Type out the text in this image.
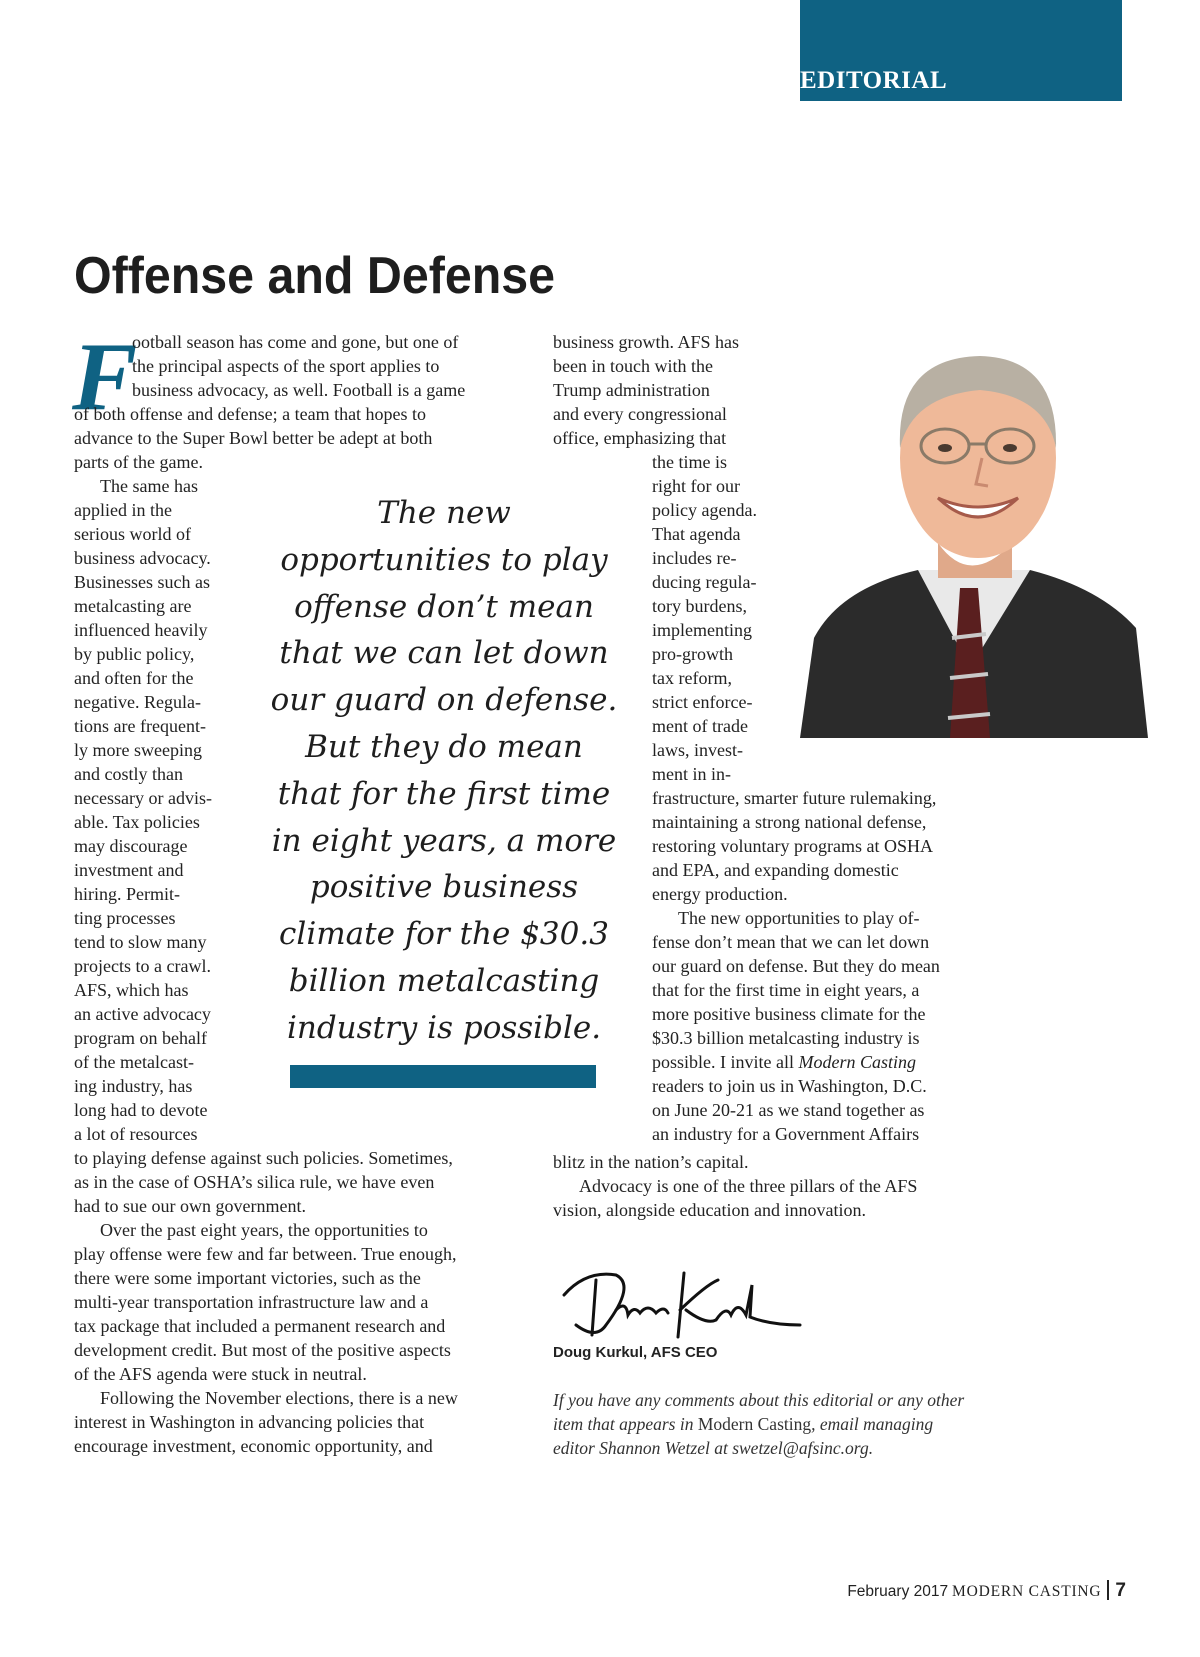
EDITORIAL
Offense and Defense
F
ootball season has come and gone, but one of
the principal aspects of the sport applies to
business advocacy, as well. Football is a game
of both offense and defense; a team that hopes to
advance to the Super Bowl better be adept at both
parts of the game.
The same has
applied in the
serious world of
business advocacy.
Businesses such as
metalcasting are
influenced heavily
by public policy,
and often for the
negative. Regula-
tions are frequent-
ly more sweeping
and costly than
necessary or advis-
able. Tax policies
may discourage
investment and
hiring. Permit-
ting processes
tend to slow many
projects to a crawl.
AFS, which has
an active advocacy
program on behalf
of the metalcast-
ing industry, has
long had to devote
a lot of resources
to playing defense against such policies. Sometimes,
as in the case of OSHA’s silica rule, we have even
had to sue our own government.
Over the past eight years, the opportunities to
play offense were few and far between. True enough,
there were some important victories, such as the
multi-year transportation infrastructure law and a
tax package that included a permanent research and
development credit. But most of the positive aspects
of the AFS agenda were stuck in neutral.
Following the November elections, there is a new
interest in Washington in advancing policies that
encourage investment, economic opportunity, and
The new
opportunities to play
offense don’t mean
that we can let down
our guard on defense.
But they do mean
that for the first time
in eight years, a more
positive business
climate for the $30.3
billion metalcasting
industry is possible.
business growth. AFS has
been in touch with the
Trump administration
and every congressional
office, emphasizing that
the time is
right for our
policy agenda.
That agenda
includes re-
ducing regula-
tory burdens,
implementing
pro-growth
tax reform,
strict enforce-
ment of trade
laws, invest-
ment in in-
frastructure, smarter future rulemaking,
maintaining a strong national defense,
restoring voluntary programs at OSHA
and EPA, and expanding domestic
energy production.
The new opportunities to play of-
fense don’t mean that we can let down
our guard on defense. But they do mean
that for the first time in eight years, a
more positive business climate for the
$30.3 billion metalcasting industry is
possible. I invite all Modern Casting
readers to join us in Washington, D.C.
on June 20-21 as we stand together as
an industry for a Government Affairs
blitz in the nation’s capital.
Advocacy is one of the three pillars of the AFS
vision, alongside education and innovation.
Doug Kurkul, AFS CEO
If you have any comments about this editorial or any other
item that appears in Modern Casting, email managing
editor Shannon Wetzel at swetzel@afsinc.org.
February 2017 MODERN CASTING 7
